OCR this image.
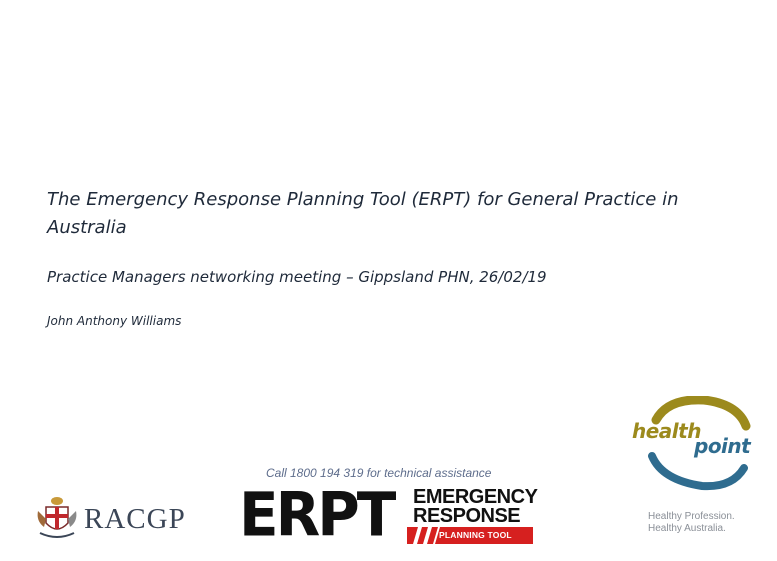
The Emergency Response Planning Tool (ERPT) for General Practice in Australia
Practice Managers networking meeting – Gippsland PHN, 26/02/19
John Anthony Williams
Call 1800 194 319 for technical assistance
RACGP ERPT EMERGENCY
RESPONSE
PLANNING TOOL
health
point
Healthy Profession.
Healthy Australia.
